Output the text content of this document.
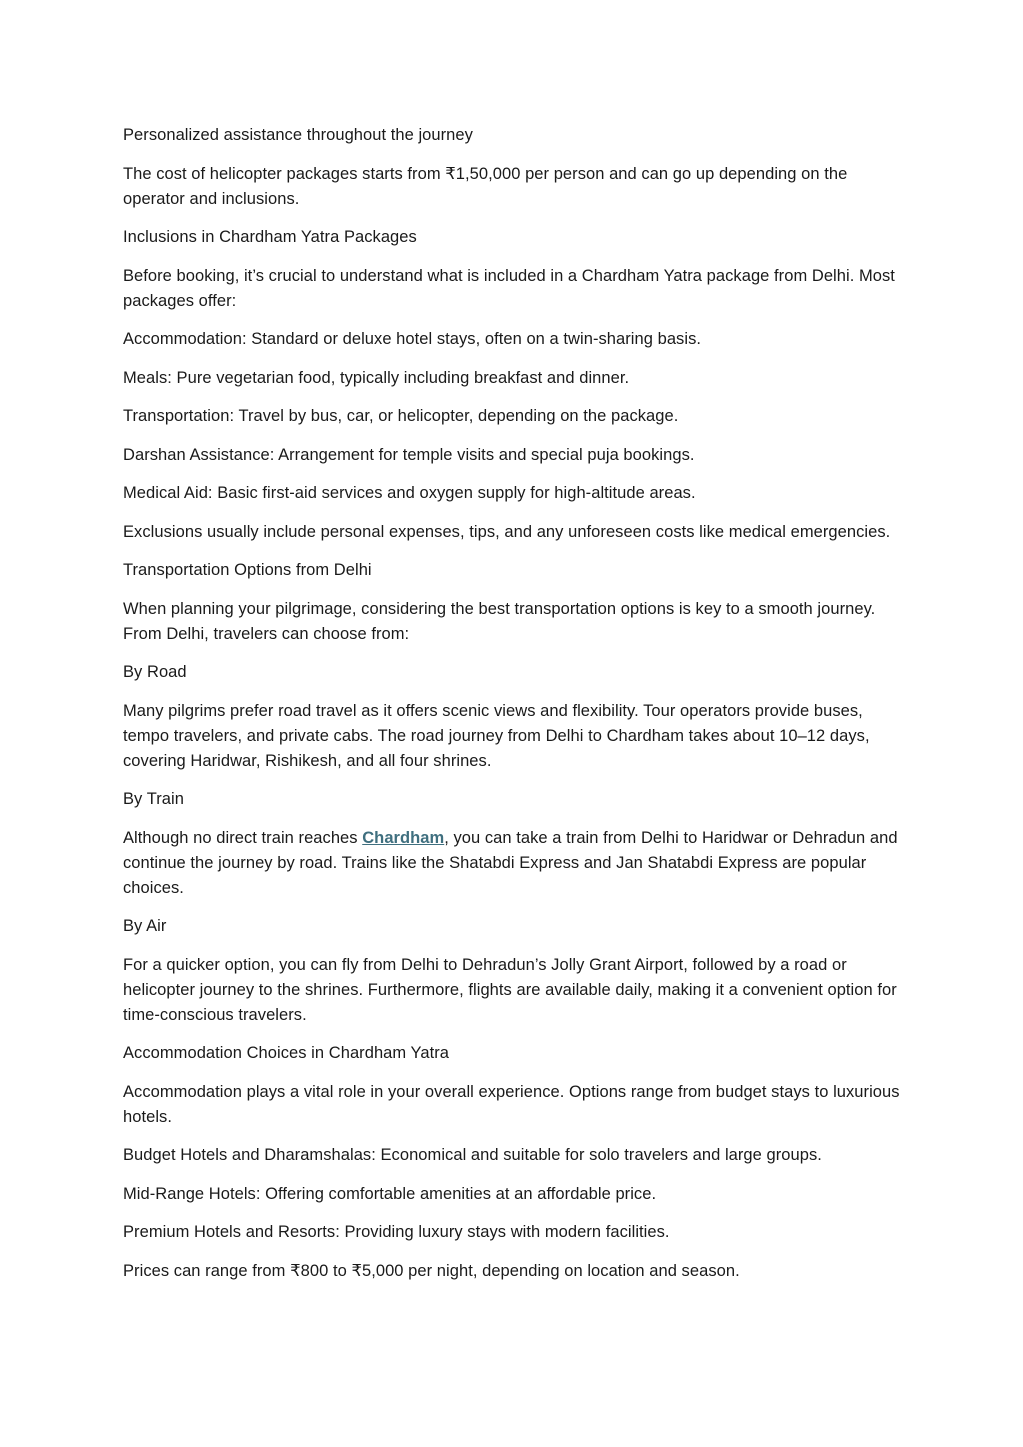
Personalized assistance throughout the journey

The cost of helicopter packages starts from ₹1,50,000 per person and can go up depending on the operator and inclusions.

Inclusions in Chardham Yatra Packages

Before booking, it’s crucial to understand what is included in a Chardham Yatra package from Delhi. Most packages offer:

Accommodation: Standard or deluxe hotel stays, often on a twin-sharing basis.

Meals: Pure vegetarian food, typically including breakfast and dinner.

Transportation: Travel by bus, car, or helicopter, depending on the package.

Darshan Assistance: Arrangement for temple visits and special puja bookings.

Medical Aid: Basic first-aid services and oxygen supply for high-altitude areas.

Exclusions usually include personal expenses, tips, and any unforeseen costs like medical emergencies.

Transportation Options from Delhi

When planning your pilgrimage, considering the best transportation options is key to a smooth journey. From Delhi, travelers can choose from:

By Road

Many pilgrims prefer road travel as it offers scenic views and flexibility. Tour operators provide buses, tempo travelers, and private cabs. The road journey from Delhi to Chardham takes about 10–12 days, covering Haridwar, Rishikesh, and all four shrines.

By Train

Although no direct train reaches Chardham, you can take a train from Delhi to Haridwar or Dehradun and continue the journey by road. Trains like the Shatabdi Express and Jan Shatabdi Express are popular choices.

By Air

For a quicker option, you can fly from Delhi to Dehradun’s Jolly Grant Airport, followed by a road or helicopter journey to the shrines. Furthermore, flights are available daily, making it a convenient option for time-conscious travelers.

Accommodation Choices in Chardham Yatra

Accommodation plays a vital role in your overall experience. Options range from budget stays to luxurious hotels.

Budget Hotels and Dharamshalas: Economical and suitable for solo travelers and large groups.

Mid-Range Hotels: Offering comfortable amenities at an affordable price.

Premium Hotels and Resorts: Providing luxury stays with modern facilities.

Prices can range from ₹800 to ₹5,000 per night, depending on location and season.
